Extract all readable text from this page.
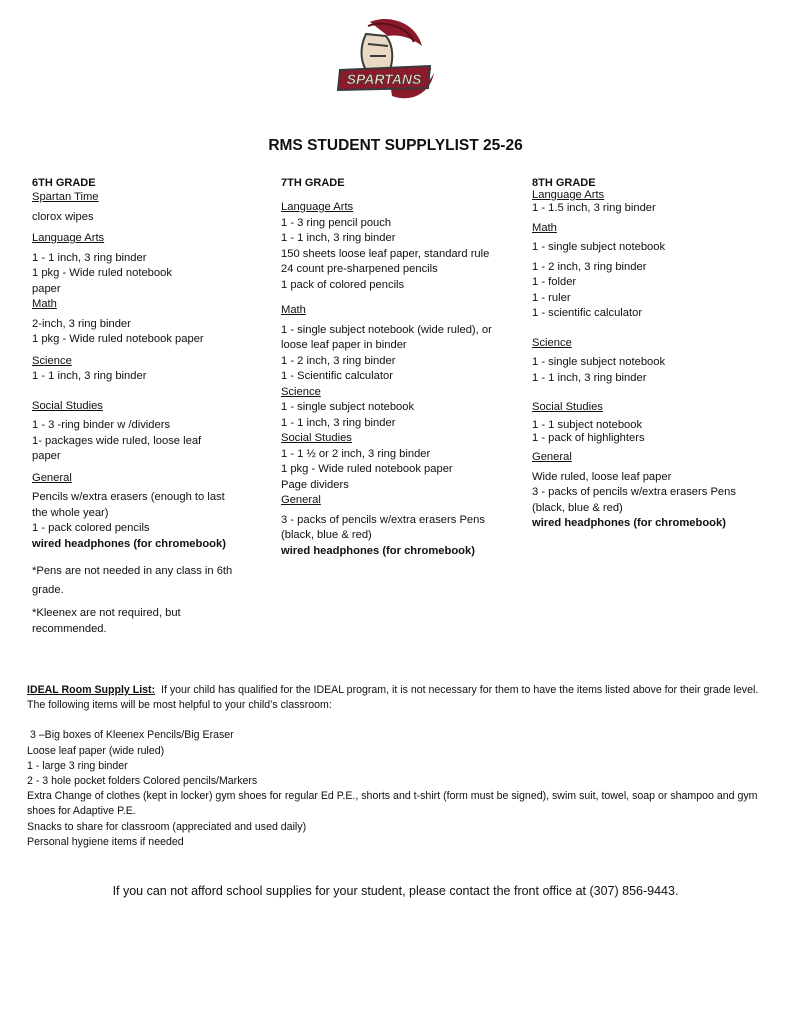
SPARTANS
RMS STUDENT SUPPLYLIST 25-26
6TH GRADE
Spartan Time
clorox wipes
Language Arts
1 - 1 inch, 3 ring binder
1 pkg - Wide ruled notebook
paper
Math
2-inch, 3 ring binder
1 pkg - Wide ruled notebook paper
Science
1 - 1 inch, 3 ring binder
Social Studies
1 - 3 -ring binder w /dividers
1- packages wide ruled, loose leaf
paper
General
Pencils w/extra erasers (enough to last
the whole year)
1 - pack colored pencils
wired headphones (for chromebook)
*Pens are not needed in any class in 6th
grade.
*Kleenex are not required, but
recommended.
7TH GRADE
Language Arts
1 - 3 ring pencil pouch
1 - 1 inch, 3 ring binder
150 sheets loose leaf paper, standard rule
24 count pre-sharpened pencils
1 pack of colored pencils
Math
1 - single subject notebook (wide ruled), or
loose leaf paper in binder
1 - 2 inch, 3 ring binder
1 - Scientific calculator
Science
1 - single subject notebook
1 - 1 inch, 3 ring binder
Social Studies
1 - 1 ½ or 2 inch, 3 ring binder
1 pkg - Wide ruled notebook paper
Page dividers
General
3 - packs of pencils w/extra erasers Pens
(black, blue & red)
wired headphones (for chromebook)
8TH GRADE
Language Arts
1 - 1.5 inch, 3 ring binder
Math
1 - single subject notebook
1 - 2 inch, 3 ring binder
1 - folder
1 - ruler
1 - scientific calculator
Science
1 - single subject notebook
1 - 1 inch, 3 ring binder
Social Studies
1 - 1 subject notebook
1 - pack of highlighters
General
Wide ruled, loose leaf paper
3 - packs of pencils w/extra erasers Pens
(black, blue & red)
wired headphones (for chromebook)
IDEAL Room Supply List: If your child has qualified for the IDEAL program, it is not necessary for them to have the items listed above for their grade level. The following items will be most helpful to your child’s classroom:
3 –Big boxes of Kleenex Pencils/Big Eraser
Loose leaf paper (wide ruled)
1 - large 3 ring binder
2 - 3 hole pocket folders Colored pencils/Markers
Extra Change of clothes (kept in locker) gym shoes for regular Ed P.E., shorts and t-shirt (form must be signed), swim suit, towel, soap or shampoo and gym shoes for Adaptive P.E.
Snacks to share for classroom (appreciated and used daily)
Personal hygiene items if needed
If you can not afford school supplies for your student, please contact the front office at (307) 856-9443.
